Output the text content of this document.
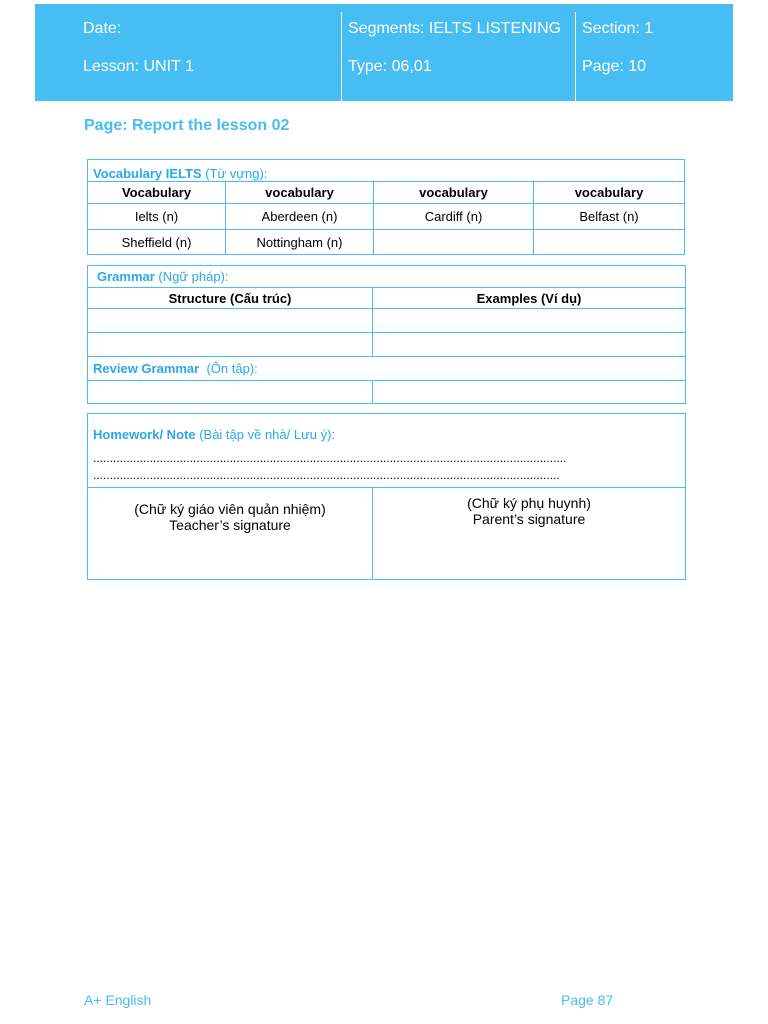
Date:
Lesson: UNIT 1
Segments: IELTS LISTENING
Type: 06,01
Section: 1
Page: 10
Page: Report the lesson 02
Vocabulary IELTS (Từ vựng):			
Vocabulary	vocabulary	vocabulary	vocabulary
Ielts (n)	Aberdeen (n)	Cardiff (n)	Belfast (n)
Sheffield (n)	Nottingham (n)		
Grammar (Ngữ pháp):	
Structure (Cấu trúc)	Examples (Ví dụ)

Review Grammar  (Ôn tập):	

Homework/ Note (Bài tập về nhà/ Lưu ý):

(Chữ ký giáo viên quản nhiệm)
Teacher’s signature

(Chữ ký phụ huynh)
Parent’s signature
..............................................................................................................................................
............................................................................................................................................
A+ English	Page 87
